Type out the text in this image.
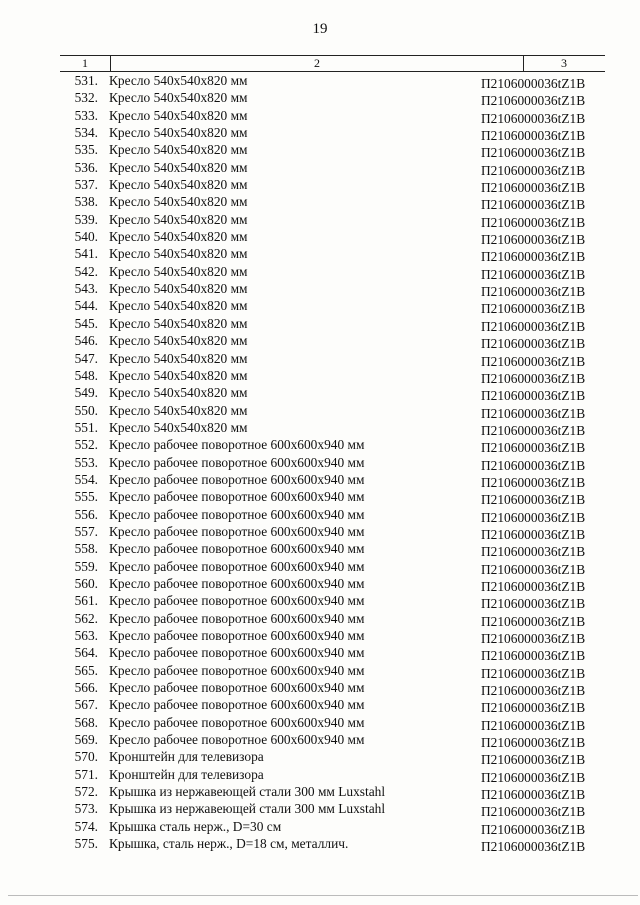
19
1	2	3
531. Кресло 540х540х820 мм	П2106000036tZ1B
532. Кресло 540х540х820 мм	П2106000036tZ1B
533. Кресло 540х540х820 мм	П2106000036tZ1B
534. Кресло 540х540х820 мм	П2106000036tZ1B
535. Кресло 540х540х820 мм	П2106000036tZ1B
536. Кресло 540х540х820 мм	П2106000036tZ1B
537. Кресло 540х540х820 мм	П2106000036tZ1B
538. Кресло 540х540х820 мм	П2106000036tZ1B
539. Кресло 540х540х820 мм	П2106000036tZ1B
540. Кресло 540х540х820 мм	П2106000036tZ1B
541. Кресло 540х540х820 мм	П2106000036tZ1B
542. Кресло 540х540х820 мм	П2106000036tZ1B
543. Кресло 540х540х820 мм	П2106000036tZ1B
544. Кресло 540х540х820 мм	П2106000036tZ1B
545. Кресло 540х540х820 мм	П2106000036tZ1B
546. Кресло 540х540х820 мм	П2106000036tZ1B
547. Кресло 540х540х820 мм	П2106000036tZ1B
548. Кресло 540х540х820 мм	П2106000036tZ1B
549. Кресло 540х540х820 мм	П2106000036tZ1B
550. Кресло 540х540х820 мм	П2106000036tZ1B
551. Кресло 540х540х820 мм	П2106000036tZ1B
552. Кресло рабочее поворотное 600х600х940 мм	П2106000036tZ1B
553. Кресло рабочее поворотное 600х600х940 мм	П2106000036tZ1B
554. Кресло рабочее поворотное 600х600х940 мм	П2106000036tZ1B
555. Кресло рабочее поворотное 600х600х940 мм	П2106000036tZ1B
556. Кресло рабочее поворотное 600х600х940 мм	П2106000036tZ1B
557. Кресло рабочее поворотное 600х600х940 мм	П2106000036tZ1B
558. Кресло рабочее поворотное 600х600х940 мм	П2106000036tZ1B
559. Кресло рабочее поворотное 600х600х940 мм	П2106000036tZ1B
560. Кресло рабочее поворотное 600х600х940 мм	П2106000036tZ1B
561. Кресло рабочее поворотное 600х600х940 мм	П2106000036tZ1B
562. Кресло рабочее поворотное 600х600х940 мм	П2106000036tZ1B
563. Кресло рабочее поворотное 600х600х940 мм	П2106000036tZ1B
564. Кресло рабочее поворотное 600х600х940 мм	П2106000036tZ1B
565. Кресло рабочее поворотное 600х600х940 мм	П2106000036tZ1B
566. Кресло рабочее поворотное 600х600х940 мм	П2106000036tZ1B
567. Кресло рабочее поворотное 600х600х940 мм	П2106000036tZ1B
568. Кресло рабочее поворотное 600х600х940 мм	П2106000036tZ1B
569. Кресло рабочее поворотное 600х600х940 мм	П2106000036tZ1B
570. Кронштейн для телевизора	П2106000036tZ1B
571. Кронштейн для телевизора	П2106000036tZ1B
572. Крышка из нержавеющей стали 300 мм Luxstahl	П2106000036tZ1B
573. Крышка из нержавеющей стали 300 мм Luxstahl	П2106000036tZ1B
574. Крышка сталь нерж., D=30 см	П2106000036tZ1B
575. Крышка, сталь нерж., D=18 см, металлич.	П2106000036tZ1B
